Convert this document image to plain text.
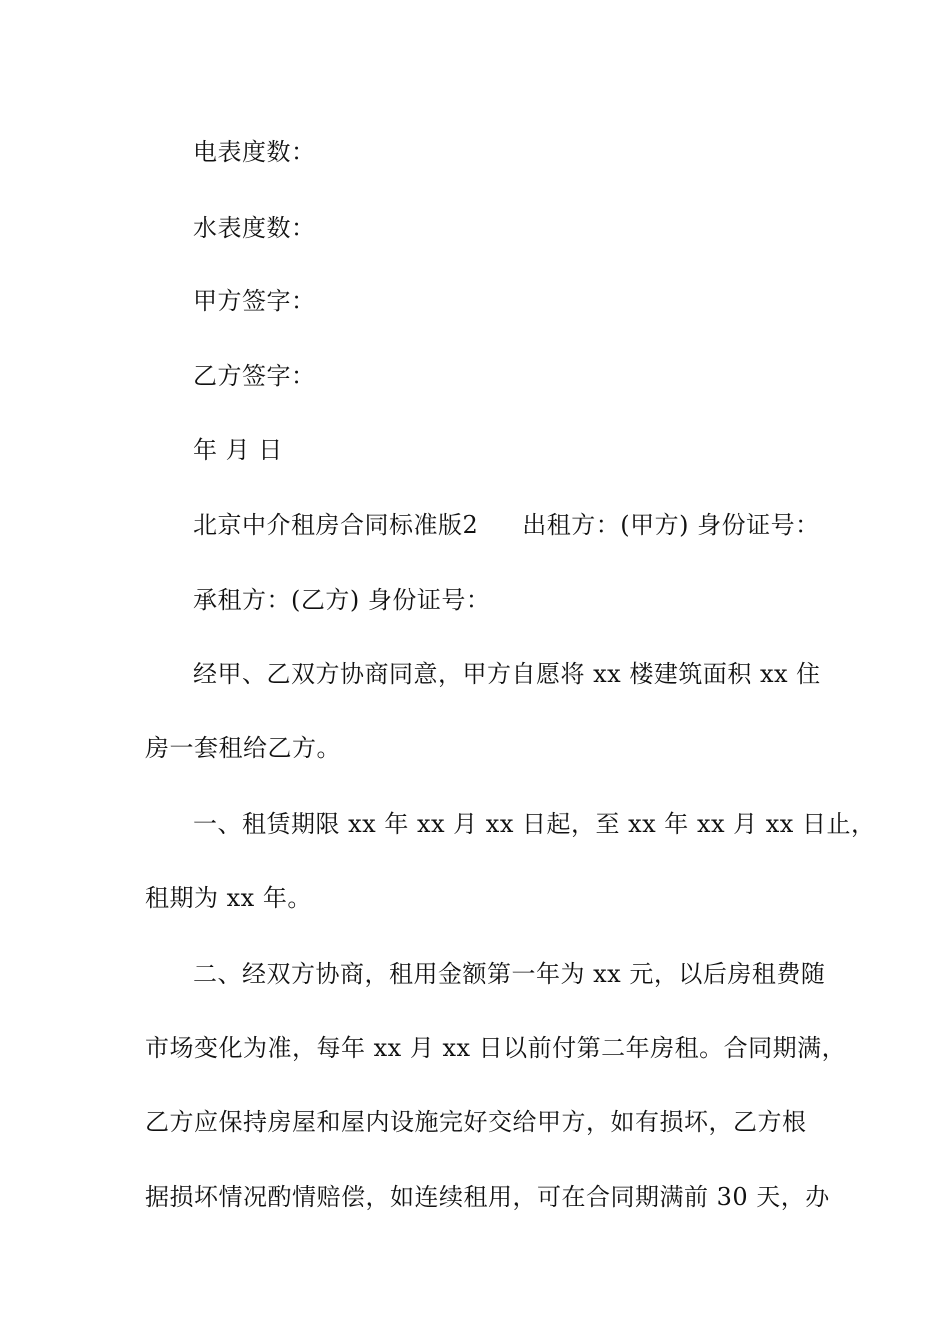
电表度数：
水表度数：
甲方签字：
乙方签字：
年 月 日
北京中介租房合同标准版2 出租方：(甲方) 身份证号：
承租方：(乙方) 身份证号：
经甲、乙双方协商同意，甲方自愿将 xx 楼建筑面积 xx 住
房一套租给乙方。
一、租赁期限 xx 年 xx 月 xx 日起，至 xx 年 xx 月 xx 日止，
租期为 xx 年。
二、经双方协商，租用金额第一年为 xx 元，以后房租费随
市场变化为准，每年 xx 月 xx 日以前付第二年房租。合同期满，
乙方应保持房屋和屋内设施完好交给甲方，如有损坏，乙方根
据损坏情况酌情赔偿，如连续租用，可在合同期满前 30 天，办
